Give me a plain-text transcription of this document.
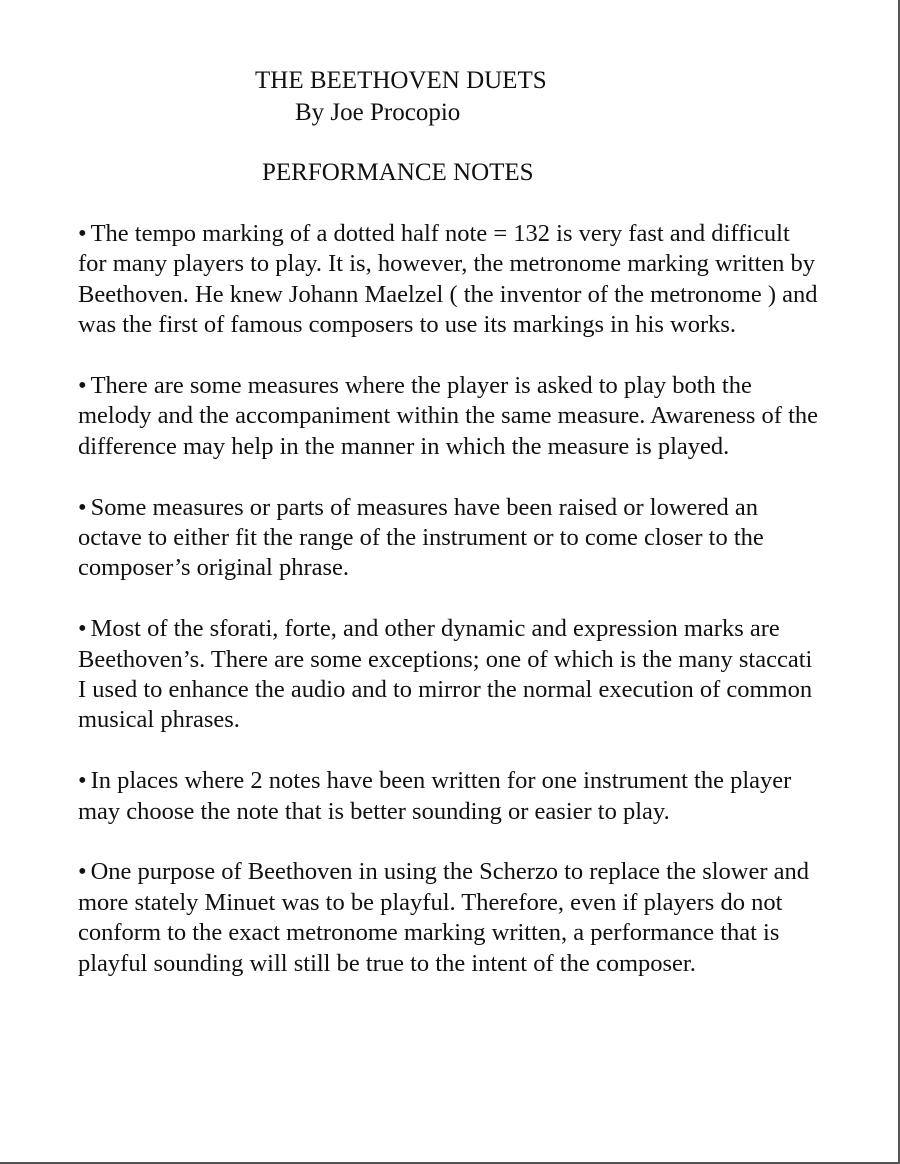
THE BEETHOVEN DUETS
By Joe Procopio
PERFORMANCE NOTES
• The tempo marking of a dotted half note = 132 is very fast and difficult for many players to play. It is, however, the metronome marking written by Beethoven. He knew Johann Maelzel ( the inventor of the metronome ) and was the first of famous composers to use its markings in his works.
• There are some measures where the player is asked to play both the melody and the accompaniment within the same measure. Awareness of the difference may help in the manner in which the measure is played.
• Some measures or parts of measures have been raised or lowered an octave to either fit the range of the instrument or to come closer to the composer’s original phrase.
• Most of the sforati, forte, and other dynamic and expression marks are Beethoven’s. There are some exceptions; one of which is the many staccati I used to enhance the audio and to mirror the normal execution of common musical phrases.
• In places where 2 notes have been written for one instrument the player may choose the note that is better sounding or easier to play.
• One purpose of Beethoven in using the Scherzo to replace the slower and more stately Minuet was to be playful. Therefore, even if players do not conform to the exact metronome marking written, a performance that is playful sounding will still be true to the intent of the composer.
